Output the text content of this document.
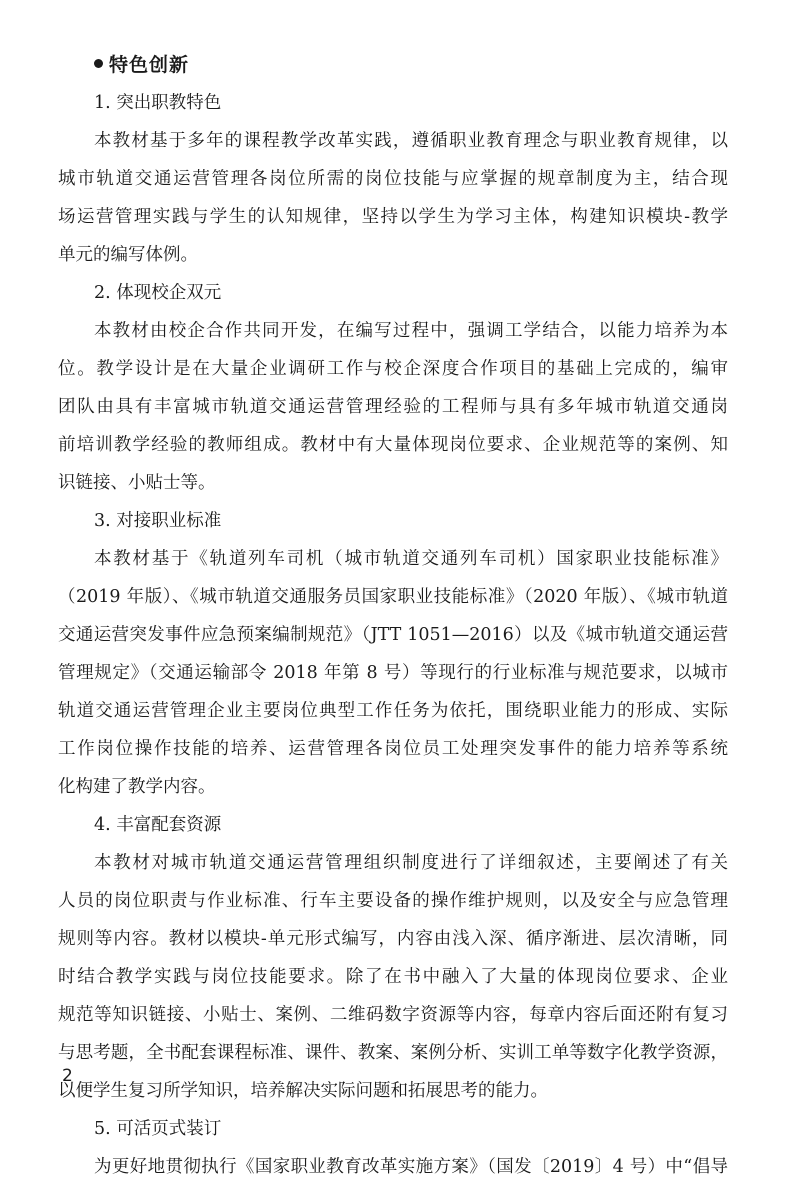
特色创新
1. 突出职教特色
本教材基于多年的课程教学改革实践，遵循职业教育理念与职业教育规律，以
城市轨道交通运营管理各岗位所需的岗位技能与应掌握的规章制度为主，结合现
场运营管理实践与学生的认知规律，坚持以学生为学习主体，构建知识模块-教学
单元的编写体例。
2. 体现校企双元
本教材由校企合作共同开发，在编写过程中，强调工学结合，以能力培养为本
位。教学设计是在大量企业调研工作与校企深度合作项目的基础上完成的，编审
团队由具有丰富城市轨道交通运营管理经验的工程师与具有多年城市轨道交通岗
前培训教学经验的教师组成。教材中有大量体现岗位要求、企业规范等的案例、知
识链接、小贴士等。
3. 对接职业标准
本教材基于《轨道列车司机（城市轨道交通列车司机）国家职业技能标准》
（2019 年版）、《城市轨道交通服务员国家职业技能标准》（2020 年版）、《城市轨道
交通运营突发事件应急预案编制规范》（JTT 1051—2016）以及《城市轨道交通运营
管理规定》（交通运输部令 2018 年第 8 号）等现行的行业标准与规范要求，以城市
轨道交通运营管理企业主要岗位典型工作任务为依托，围绕职业能力的形成、实际
工作岗位操作技能的培养、运营管理各岗位员工处理突发事件的能力培养等系统
化构建了教学内容。
4. 丰富配套资源
本教材对城市轨道交通运营管理组织制度进行了详细叙述，主要阐述了有关
人员的岗位职责与作业标准、行车主要设备的操作维护规则，以及安全与应急管理
规则等内容。教材以模块-单元形式编写，内容由浅入深、循序渐进、层次清晰，同
时结合教学实践与岗位技能要求。除了在书中融入了大量的体现岗位要求、企业
规范等知识链接、小贴士、案例、二维码数字资源等内容，每章内容后面还附有复习
与思考题，全书配套课程标准、课件、教案、案例分析、实训工单等数字化教学资源，
以便学生复习所学知识，培养解决实际问题和拓展思考的能力。
5. 可活页式装订
为更好地贯彻执行《国家职业教育改革实施方案》（国发〔2019〕4 号）中“倡导
2
